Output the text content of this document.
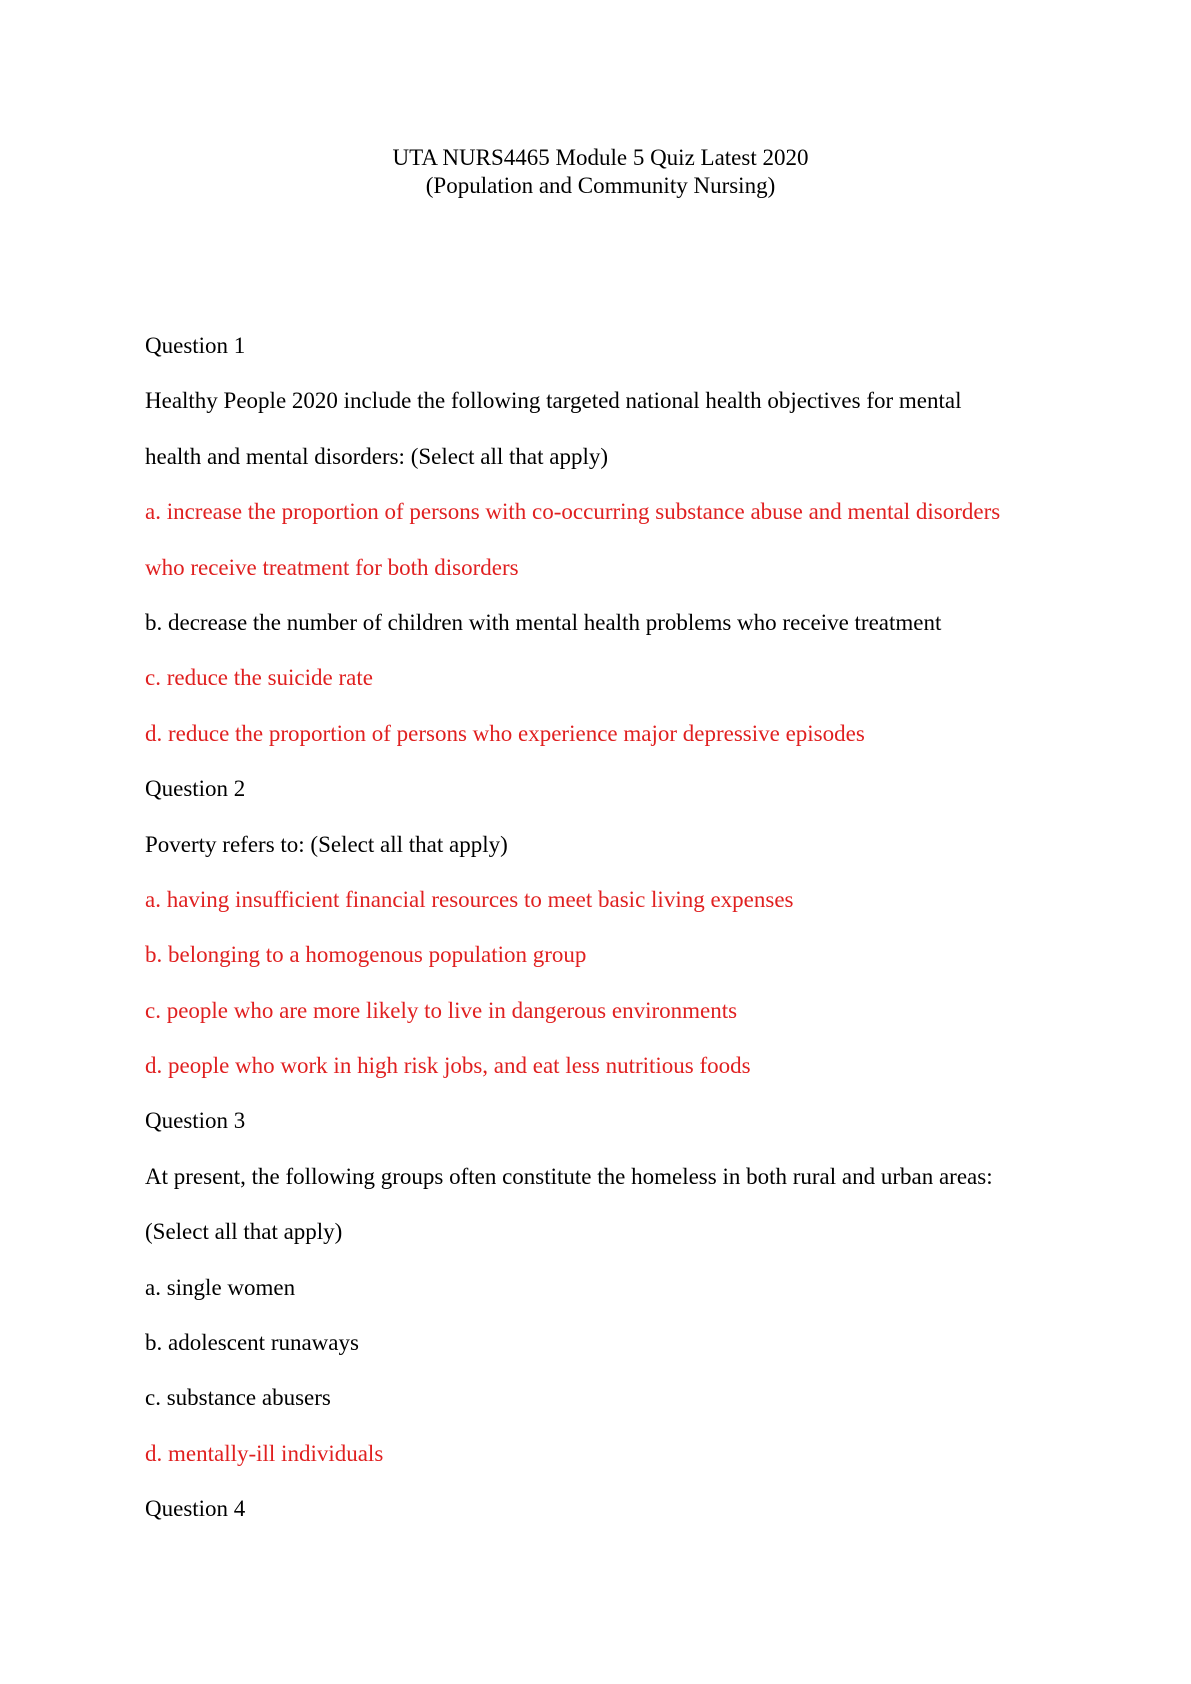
UTA NURS4465 Module 5 Quiz Latest 2020
(Population and Community Nursing)
Question 1
Healthy People 2020 include the following targeted national health objectives for mental
health and mental disorders: (Select all that apply)
a. increase the proportion of persons with co-occurring substance abuse and mental disorders
who receive treatment for both disorders
b. decrease the number of children with mental health problems who receive treatment
c. reduce the suicide rate
d. reduce the proportion of persons who experience major depressive episodes
Question 2
Poverty refers to: (Select all that apply)
a. having insufficient financial resources to meet basic living expenses
b. belonging to a homogenous population group
c. people who are more likely to live in dangerous environments
d. people who work in high risk jobs, and eat less nutritious foods
Question 3
At present, the following groups often constitute the homeless in both rural and urban areas:
(Select all that apply)
a. single women
b. adolescent runaways
c. substance abusers
d. mentally-ill individuals
Question 4
